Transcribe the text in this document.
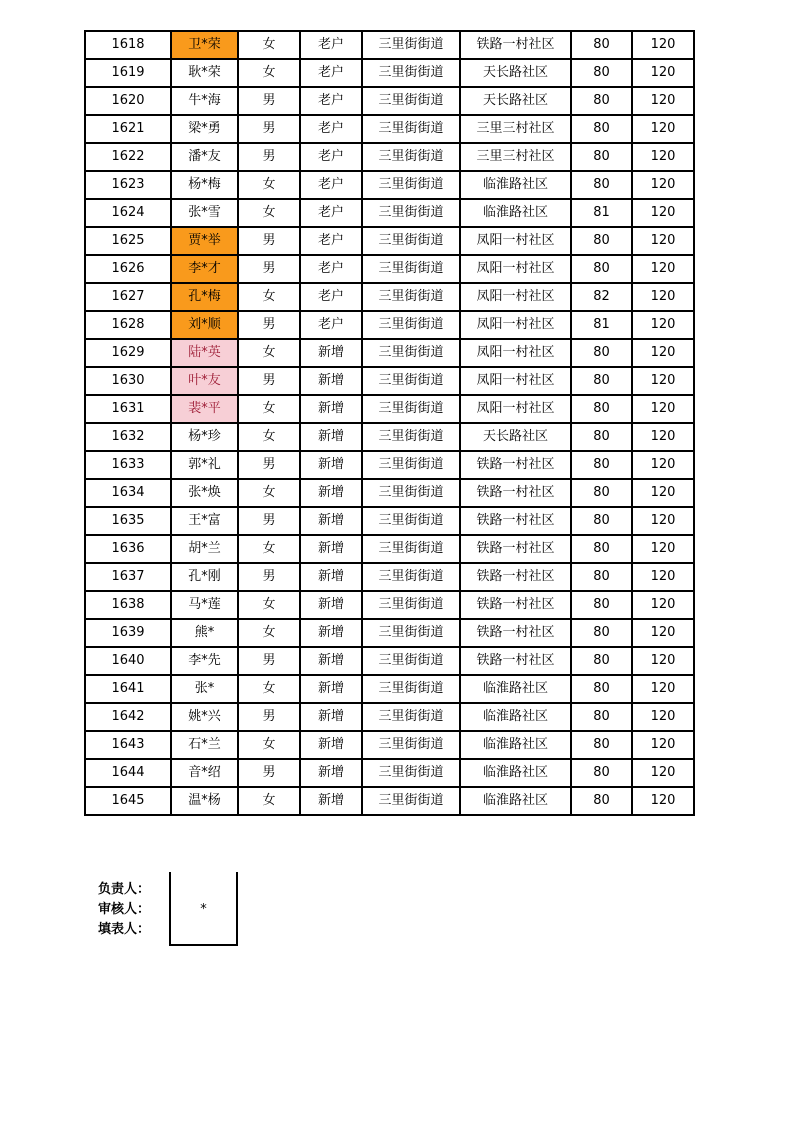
1618	卫*荣	女	老户	三里街街道	铁路一村社区	80	120
1619	耿*荣	女	老户	三里街街道	天长路社区	80	120
1620	牛*海	男	老户	三里街街道	天长路社区	80	120
1621	梁*勇	男	老户	三里街街道	三里三村社区	80	120
1622	潘*友	男	老户	三里街街道	三里三村社区	80	120
1623	杨*梅	女	老户	三里街街道	临淮路社区	80	120
1624	张*雪	女	老户	三里街街道	临淮路社区	81	120
1625	贾*举	男	老户	三里街街道	凤阳一村社区	80	120
1626	李*才	男	老户	三里街街道	凤阳一村社区	80	120
1627	孔*梅	女	老户	三里街街道	凤阳一村社区	82	120
1628	刘*顺	男	老户	三里街街道	凤阳一村社区	81	120
1629	陆*英	女	新增	三里街街道	凤阳一村社区	80	120
1630	叶*友	男	新增	三里街街道	凤阳一村社区	80	120
1631	裴*平	女	新增	三里街街道	凤阳一村社区	80	120
1632	杨*珍	女	新增	三里街街道	天长路社区	80	120
1633	郭*礼	男	新增	三里街街道	铁路一村社区	80	120
1634	张*焕	女	新增	三里街街道	铁路一村社区	80	120
1635	王*富	男	新增	三里街街道	铁路一村社区	80	120
1636	胡*兰	女	新增	三里街街道	铁路一村社区	80	120
1637	孔*刚	男	新增	三里街街道	铁路一村社区	80	120
1638	马*莲	女	新增	三里街街道	铁路一村社区	80	120
1639	熊*	女	新增	三里街街道	铁路一村社区	80	120
1640	李*先	男	新增	三里街街道	铁路一村社区	80	120
1641	张*	女	新增	三里街街道	临淮路社区	80	120
1642	姚*兴	男	新增	三里街街道	临淮路社区	80	120
1643	石*兰	女	新增	三里街街道	临淮路社区	80	120
1644	音*绍	男	新增	三里街街道	临淮路社区	80	120
1645	温*杨	女	新增	三里街街道	临淮路社区	80	120
负责人：
审核人：
填表人：
*
